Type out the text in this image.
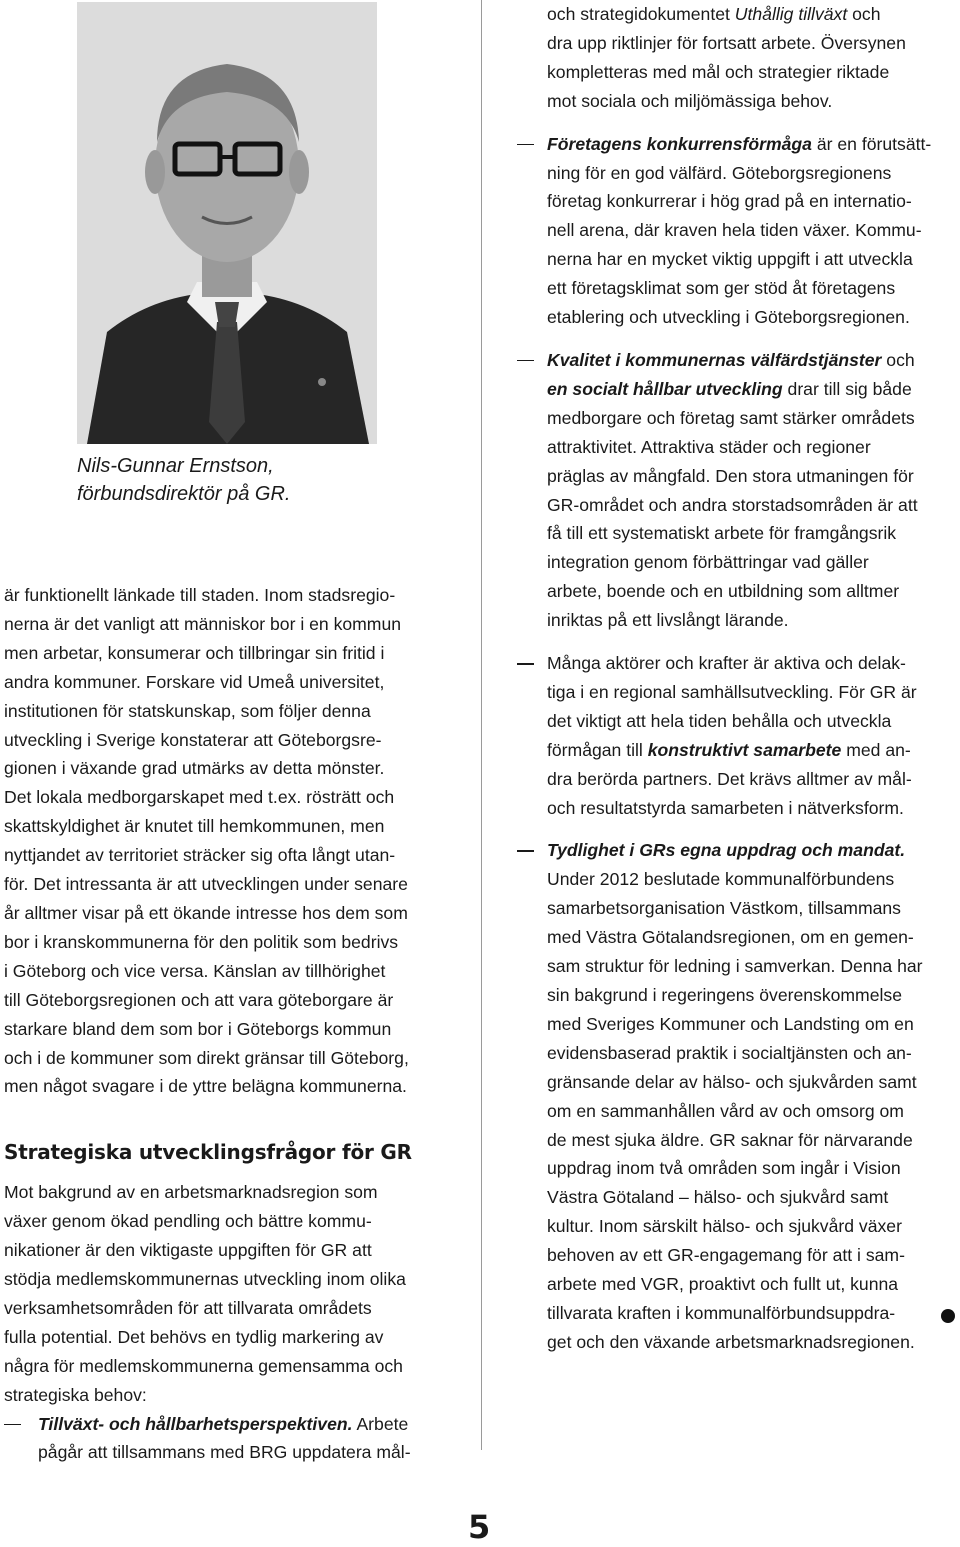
Nils-Gunnar Ernstson,
förbundsdirektör på GR.

är funktionellt länkade till staden. Inom stadsregio-
nerna är det vanligt att människor bor i en kommun
men arbetar, konsumerar och tillbringar sin fritid i
andra kommuner. Forskare vid Umeå universitet,
institutionen för statskunskap, som följer denna
utveckling i Sverige konstaterar att Göteborgsre-
gionen i växande grad utmärks av detta mönster.
Det lokala medborgarskapet med t.ex. rösträtt och
skattskyldighet är knutet till hemkommunen, men
nyttjandet av territoriet sträcker sig ofta långt utan-
för. Det intressanta är att utvecklingen under senare
år alltmer visar på ett ökande intresse hos dem som
bor i kranskommunerna för den politik som bedrivs
i Göteborg och vice versa. Känslan av tillhörighet
till Göteborgsregionen och att vara göteborgare är
starkare bland dem som bor i Göteborgs kommun
och i de kommuner som direkt gränsar till Göteborg,
men något svagare i de yttre belägna kommunerna.

Strategiska utvecklingsfrågor för GR

Mot bakgrund av en arbetsmarknadsregion som
växer genom ökad pendling och bättre kommu-
nikationer är den viktigaste uppgiften för GR att
stödja medlemskommunernas utveckling inom olika
verksamhetsområden för att tillvarata områdets
fulla potential. Det behövs en tydlig markering av
några för medlemskommunerna gemensamma och
strategiska behov:

Tillväxt- och hållbarhetsperspektiven. Arbete
pågår att tillsammans med BRG uppdatera mål-

och strategidokumentet Uthållig tillväxt och
dra upp riktlinjer för fortsatt arbete. Översynen
kompletteras med mål och strategier riktade
mot sociala och miljömässiga behov.

Företagens konkurrensförmåga är en förutsätt-
ning för en god välfärd. Göteborgsregionens
företag konkurrerar i hög grad på en internatio-
nell arena, där kraven hela tiden växer. Kommu-
nerna har en mycket viktig uppgift i att utveckla
ett företagsklimat som ger stöd åt företagens
etablering och utveckling i Göteborgsregionen.

Kvalitet i kommunernas välfärdstjänster och
en socialt hållbar utveckling drar till sig både
medborgare och företag samt stärker områdets
attraktivitet. Attraktiva städer och regioner
präglas av mångfald. Den stora utmaningen för
GR-området och andra storstadsområden är att
få till ett systematiskt arbete för framgångsrik
integration genom förbättringar vad gäller
arbete, boende och en utbildning som alltmer
inriktas på ett livslångt lärande.

Många aktörer och krafter är aktiva och delak-
tiga i en regional samhällsutveckling. För GR är
det viktigt att hela tiden behålla och utveckla
förmågan till konstruktivt samarbete med an-
dra berörda partners. Det krävs alltmer av mål-
och resultatstyrda samarbeten i nätverksform.

Tydlighet i GRs egna uppdrag och mandat.
Under 2012 beslutade kommunalförbundens
samarbetsorganisation Västkom, tillsammans
med Västra Götalandsregionen, om en gemen-
sam struktur för ledning i samverkan. Denna har
sin bakgrund i regeringens överenskommelse
med Sveriges Kommuner och Landsting om en
evidensbaserad praktik i socialtjänsten och an-
gränsande delar av hälso- och sjukvården samt
om en sammanhållen vård av och omsorg om
de mest sjuka äldre. GR saknar för närvarande
uppdrag inom två områden som ingår i Vision
Västra Götaland – hälso- och sjukvård samt
kultur. Inom särskilt hälso- och sjukvård växer
behoven av ett GR-engagemang för att i sam-
arbete med VGR, proaktivt och fullt ut, kunna
tillvarata kraften i kommunalförbundsuppdra-
get och den växande arbetsmarknadsregionen.

5
